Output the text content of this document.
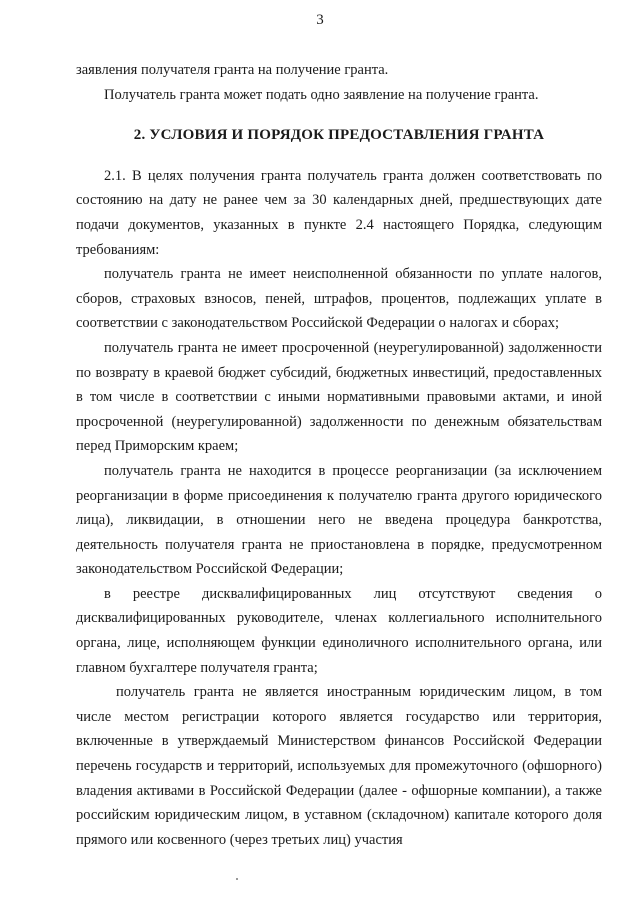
3

заявления получателя гранта на получение гранта.

Получатель гранта может подать одно заявление на получение гранта.

2. УСЛОВИЯ И ПОРЯДОК ПРЕДОСТАВЛЕНИЯ ГРАНТА

2.1. В целях получения гранта получатель гранта должен соответствовать по состоянию на дату не ранее чем за 30 календарных дней, предшествующих дате подачи документов, указанных в пункте 2.4 настоящего Порядка, следующим требованиям:

получатель гранта не имеет неисполненной обязанности по уплате налогов, сборов, страховых взносов, пеней, штрафов, процентов, подлежащих уплате в соответствии с законодательством Российской Федерации о налогах и сборах;

получатель гранта не имеет просроченной (неурегулированной) задолженности по возврату в краевой бюджет субсидий, бюджетных инвестиций, предоставленных в том числе в соответствии с иными нормативными правовыми актами, и иной просроченной (неурегулированной) задолженности по денежным обязательствам перед Приморским краем;

получатель гранта не находится в процессе реорганизации (за исключением реорганизации в форме присоединения к получателю гранта другого юридического лица), ликвидации, в отношении него не введена процедура банкротства, деятельность получателя гранта не приостановлена в порядке, предусмотренном законодательством Российской Федерации;

в реестре дисквалифицированных лиц отсутствуют сведения о дисквалифицированных руководителе, членах коллегиального исполнительного органа, лице, исполняющем функции единоличного исполнительного органа, или главном бухгалтере получателя гранта;

получатель гранта не является иностранным юридическим лицом, в том числе местом регистрации которого является государство или территория, включенные в утверждаемый Министерством финансов Российской Федерации перечень государств и территорий, используемых для промежуточного (офшорного) владения активами в Российской Федерации (далее - офшорные компании), а также российским юридическим лицом, в уставном (складочном) капитале которого доля прямого или косвенного (через третьих лиц) участия
